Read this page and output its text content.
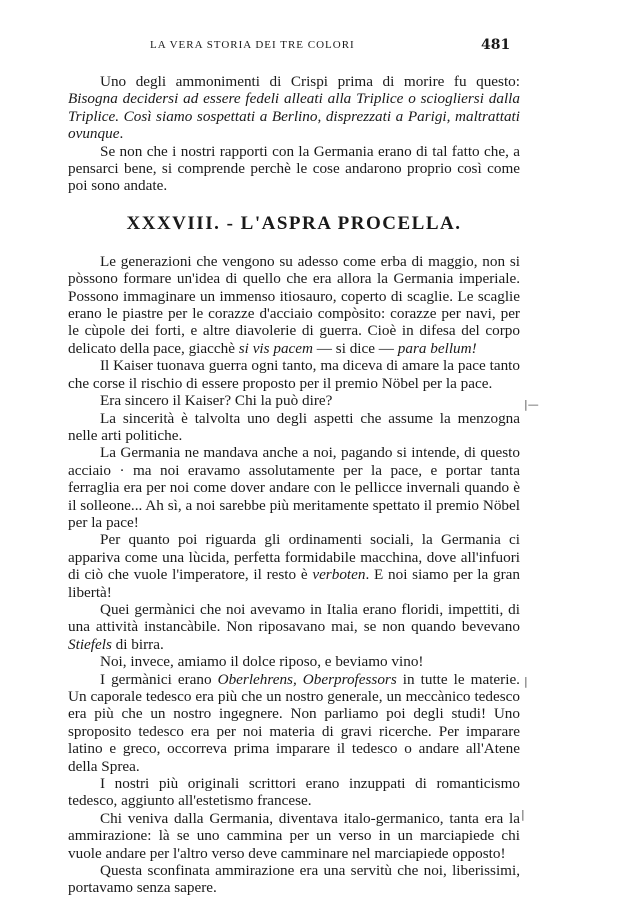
LA VERA STORIA DEI TRE COLORI	481

Uno degli ammonimenti di Crispi prima di morire fu questo: Bisogna decidersi ad essere fedeli alleati alla Triplice o sciogliersi dalla Triplice. Così siamo sospettati a Berlino, disprezzati a Parigi, maltrattati ovunque.

Se non che i nostri rapporti con la Germania erano di tal fatto che, a pensarci bene, si comprende perchè le cose andarono proprio così come poi sono andate.

XXXVIII. - L'ASPRA PROCELLA.

Le generazioni che vengono su adesso come erba di maggio, non si pòssono formare un'idea di quello che era allora la Germania imperiale. Possono immaginare un immenso itiosauro, coperto di scaglie. Le scaglie erano le piastre per le corazze d'acciaio compòsito: corazze per navi, per le cùpole dei forti, e altre diavolerie di guerra. Cioè in difesa del corpo delicato della pace, giacchè si vis pacem — si dice — para bellum!

Il Kaiser tuonava guerra ogni tanto, ma diceva di amare la pace tanto che corse il rischio di essere proposto per il premio Nöbel per la pace.

Era sincero il Kaiser? Chi la può dire?

La sincerità è talvolta uno degli aspetti che assume la menzogna nelle arti politiche.

La Germania ne mandava anche a noi, pagando si intende, di questo acciaio · ma noi eravamo assolutamente per la pace, e portar tanta ferraglia era per noi come dover andare con le pellicce invernali quando è il solleone... Ah sì, a noi sarebbe più meritamente spettato il premio Nöbel per la pace!

Per quanto poi riguarda gli ordinamenti sociali, la Germania ci appariva come una lùcida, perfetta formidabile macchina, dove all'infuori di ciò che vuole l'imperatore, il resto è verboten. E noi siamo per la gran libertà!

Quei germànici che noi avevamo in Italia erano floridi, impettiti, di una attività instancàbile. Non riposavano mai, se non quando bevevano Stiefels di birra.

Noi, invece, amiamo il dolce riposo, e beviamo vino!

I germànici erano Oberlehrens, Oberprofessors in tutte le materie. Un caporale tedesco era più che un nostro generale, un meccànico tedesco era più che un nostro ingegnere. Non parliamo poi degli studi! Uno sproposito tedesco era per noi materia di gravi ricerche. Per imparare latino e greco, occorreva prima imparare il tedesco o andare all'Atene della Sprea.

I nostri più originali scrittori erano inzuppati di romanticismo tedesco, aggiunto all'estetismo francese.

Chi veniva dalla Germania, diventava italo-germanico, tanta era la ammirazione: là se uno cammina per un verso in un marciapiede chi vuole andare per l'altro verso deve camminare nel marciapiede opposto!

Questa sconfinata ammirazione era una servitù che noi, liberissimi, portavamo senza sapere.

|—
|
|
